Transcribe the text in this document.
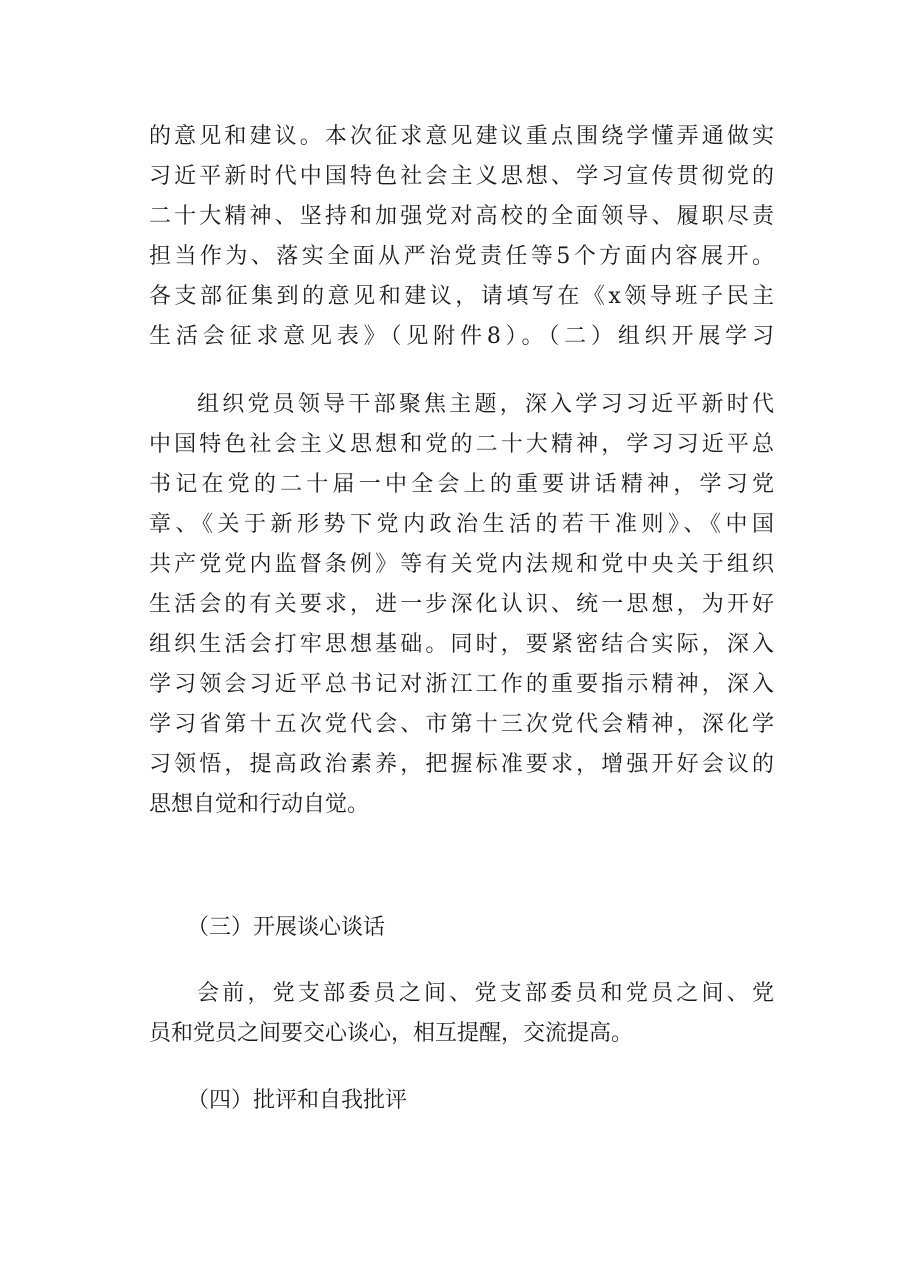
的意见和建议。本次征求意见建议重点围绕学懂弄通做实
习近平新时代中国特色社会主义思想、学习宣传贯彻党的
二十大精神、坚持和加强党对高校的全面领导、履职尽责
担当作为、落实全面从严治党责任等5个方面内容展开。
各支部征集到的意见和建议，请填写在《x领导班子民主
生活会征求意见表》（见附件8）。（二）组织开展学习
组织党员领导干部聚焦主题，深入学习习近平新时代
中国特色社会主义思想和党的二十大精神，学习习近平总
书记在党的二十届一中全会上的重要讲话精神，学习党
章、《关于新形势下党内政治生活的若干准则》、《中国
共产党党内监督条例》等有关党内法规和党中央关于组织
生活会的有关要求，进一步深化认识、统一思想，为开好
组织生活会打牢思想基础。同时，要紧密结合实际，深入
学习领会习近平总书记对浙江工作的重要指示精神，深入
学习省第十五次党代会、市第十三次党代会精神，深化学
习领悟，提高政治素养，把握标准要求，增强开好会议的
思想自觉和行动自觉。
（三）开展谈心谈话
会前，党支部委员之间、党支部委员和党员之间、党
员和党员之间要交心谈心，相互提醒，交流提高。
（四）批评和自我批评
